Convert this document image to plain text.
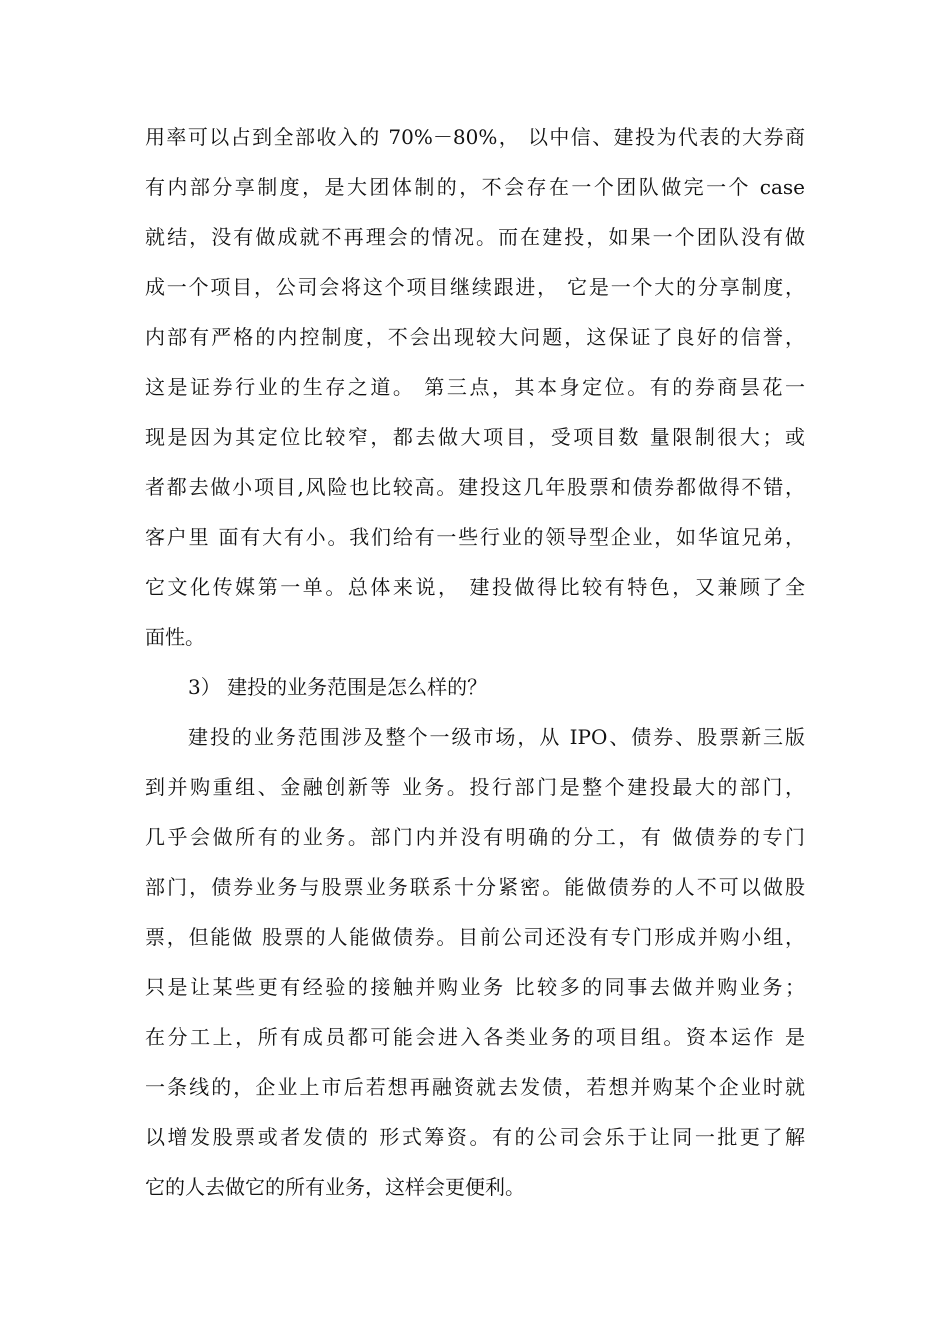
用率可以占到全部收入的 70%－80%， 以中信、建投为代表的大券商
有内部分享制度，是大团体制的，不会存在一个团队做完一个 case
就结，没有做成就不再理会的情况。而在建投，如果一个团队没有做
成一个项目，公司会将这个项目继续跟进， 它是一个大的分享制度，
内部有严格的内控制度，不会出现较大问题，这保证了良好的信誉，
这是证券行业的生存之道。 第三点，其本身定位。有的券商昙花一
现是因为其定位比较窄，都去做大项目，受项目数 量限制很大；或
者都去做小项目,风险也比较高。建投这几年股票和债券都做得不错，
客户里 面有大有小。我们给有一些行业的领导型企业，如华谊兄弟，
它文化传媒第一单。总体来说， 建投做得比较有特色，又兼顾了全
面性。
3） 建投的业务范围是怎么样的？
建投的业务范围涉及整个一级市场，从 IPO、债券、股票新三版
到并购重组、金融创新等 业务。投行部门是整个建投最大的部门，
几乎会做所有的业务。部门内并没有明确的分工，有 做债券的专门
部门，债券业务与股票业务联系十分紧密。能做债券的人不可以做股
票，但能做 股票的人能做债券。目前公司还没有专门形成并购小组，
只是让某些更有经验的接触并购业务 比较多的同事去做并购业务；
在分工上，所有成员都可能会进入各类业务的项目组。资本运作 是
一条线的，企业上市后若想再融资就去发债，若想并购某个企业时就
以增发股票或者发债的 形式筹资。有的公司会乐于让同一批更了解
它的人去做它的所有业务，这样会更便利。
